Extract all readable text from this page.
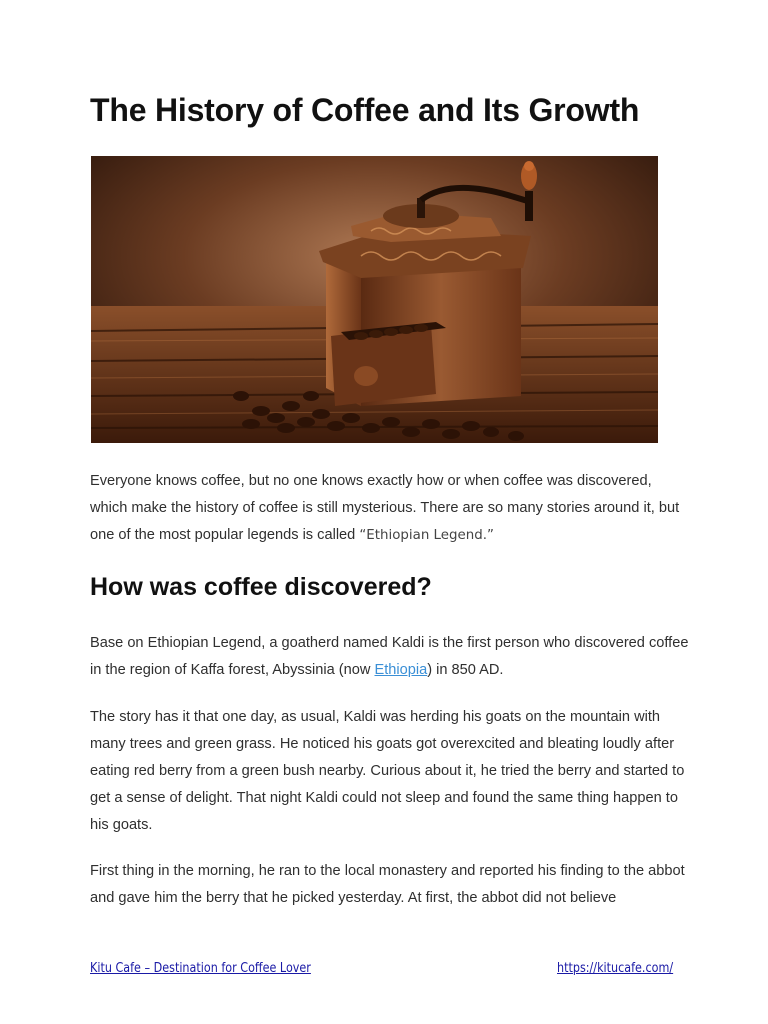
The History of Coffee and Its Growth

Everyone knows coffee, but no one knows exactly how or when coffee was discovered, which make the history of coffee is still mysterious. There are so many stories around it, but one of the most popular legends is called “Ethiopian Legend.”

How was coffee discovered?

Base on Ethiopian Legend, a goatherd named Kaldi is the first person who discovered coffee in the region of Kaffa forest, Abyssinia (now Ethiopia) in 850 AD.

The story has it that one day, as usual, Kaldi was herding his goats on the mountain with many trees and green grass. He noticed his goats got overexcited and bleating loudly after eating red berry from a green bush nearby. Curious about it, he tried the berry and started to get a sense of delight. That night Kaldi could not sleep and found the same thing happen to his goats.

First thing in the morning, he ran to the local monastery and reported his finding to the abbot and gave him the berry that he picked yesterday. At first, the abbot did not believe

Kitu Cafe – Destination for Coffee Lover	https://kitucafe.com/
